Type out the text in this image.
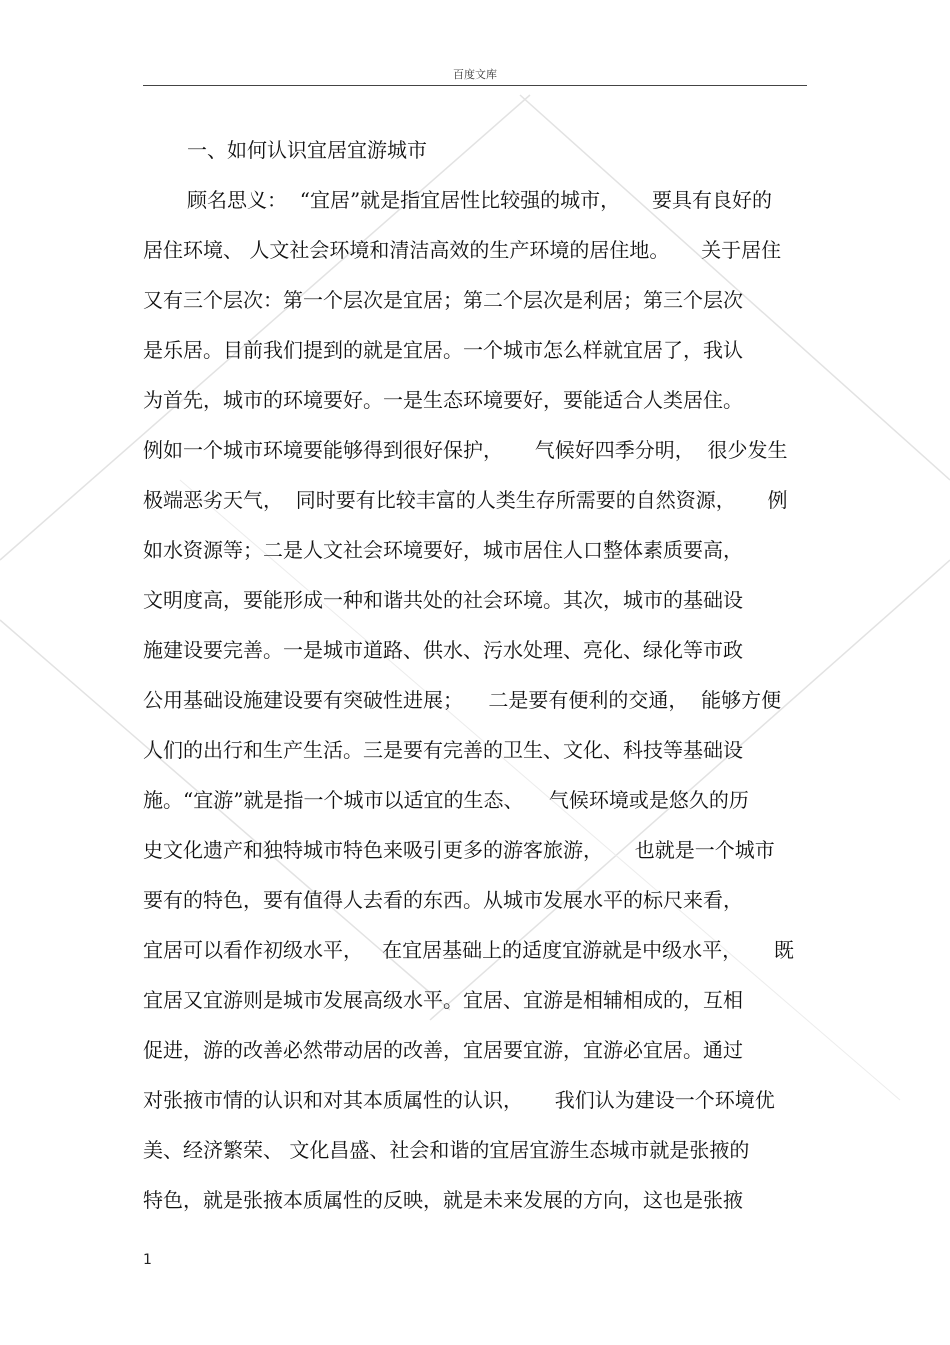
百度文库
一、如何认识宜居宜游城市
顾名思义：  “宜居”就是指宜居性比较强的城市，     要具有良好的
居住环境、 人文社会环境和清洁高效的生产环境的居住地。     关于居住
又有三个层次：第一个层次是宜居；第二个层次是利居；第三个层次
是乐居。目前我们提到的就是宜居。一个城市怎么样就宜居了，我认
为首先，城市的环境要好。一是生态环境要好，要能适合人类居住。
例如一个城市环境要能够得到很好保护，     气候好四季分明，  很少发生
极端恶劣天气，  同时要有比较丰富的人类生存所需要的自然资源，     例
如水资源等；二是人文社会环境要好，城市居住人口整体素质要高，
文明度高，要能形成一种和谐共处的社会环境。其次，城市的基础设
施建设要完善。一是城市道路、供水、污水处理、亮化、绿化等市政
公用基础设施建设要有突破性进展；    二是要有便利的交通，  能够方便
人们的出行和生产生活。三是要有完善的卫生、文化、科技等基础设
施。“宜游”就是指一个城市以适宜的生态、    气候环境或是悠久的历
史文化遗产和独特城市特色来吸引更多的游客旅游，     也就是一个城市
要有的特色，要有值得人去看的东西。从城市发展水平的标尺来看，
宜居可以看作初级水平，   在宜居基础上的适度宜游就是中级水平，     既
宜居又宜游则是城市发展高级水平。宜居、宜游是相辅相成的，互相
促进，游的改善必然带动居的改善，宜居要宜游，宜游必宜居。通过
对张掖市情的认识和对其本质属性的认识，     我们认为建设一个环境优
美、经济繁荣、 文化昌盛、社会和谐的宜居宜游生态城市就是张掖的
特色，就是张掖本质属性的反映，就是未来发展的方向，这也是张掖
1
